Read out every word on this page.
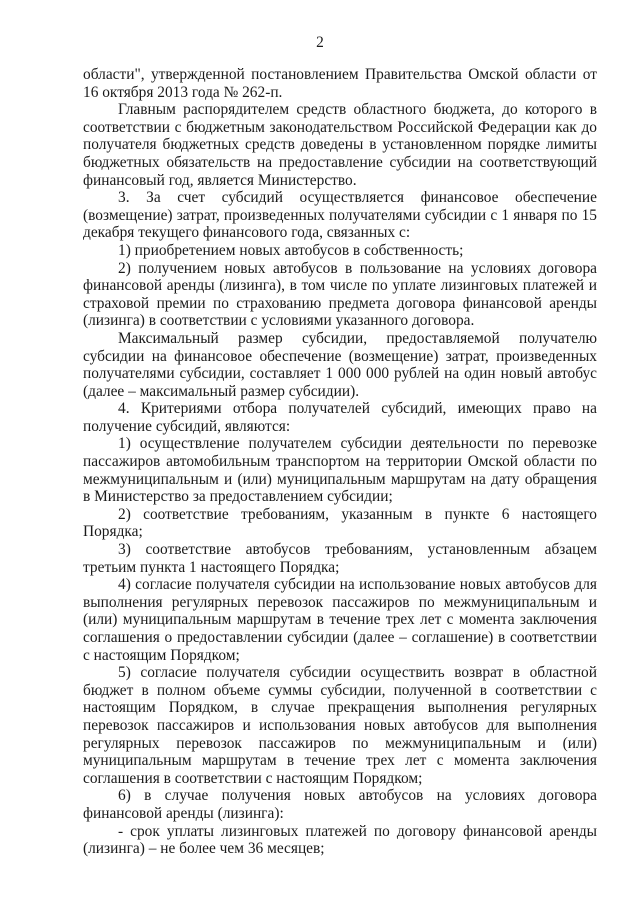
2

области", утвержденной постановлением Правительства Омской области от 16 октября 2013 года № 262-п.

Главным распорядителем средств областного бюджета, до которого в соответствии с бюджетным законодательством Российской Федерации как до получателя бюджетных средств доведены в установленном порядке лимиты бюджетных обязательств на предоставление субсидии на соответствующий финансовый год, является Министерство.

3. За счет субсидий осуществляется финансовое обеспечение (возмещение) затрат, произведенных получателями субсидии с 1 января по 15 декабря текущего финансового года, связанных с:

1) приобретением новых автобусов в собственность;

2) получением новых автобусов в пользование на условиях договора финансовой аренды (лизинга), в том числе по уплате лизинговых платежей и страховой премии по страхованию предмета договора финансовой аренды (лизинга) в соответствии с условиями указанного договора.

Максимальный размер субсидии, предоставляемой получателю субсидии на финансовое обеспечение (возмещение) затрат, произведенных получателями субсидии, составляет 1 000 000 рублей на один новый автобус (далее – максимальный размер субсидии).

4. Критериями отбора получателей субсидий, имеющих право на получение субсидий, являются:

1) осуществление получателем субсидии деятельности по перевозке пассажиров автомобильным транспортом на территории Омской области по межмуниципальным и (или) муниципальным маршрутам на дату обращения в Министерство за предоставлением субсидии;

2) соответствие требованиям, указанным в пункте 6 настоящего Порядка;

3) соответствие автобусов требованиям, установленным абзацем третьим пункта 1 настоящего Порядка;

4) согласие получателя субсидии на использование новых автобусов для выполнения регулярных перевозок пассажиров по межмуниципальным и (или) муниципальным маршрутам в течение трех лет с момента заключения соглашения о предоставлении субсидии (далее – соглашение) в соответствии с настоящим Порядком;

5) согласие получателя субсидии осуществить возврат в областной бюджет в полном объеме суммы субсидии, полученной в соответствии с настоящим Порядком, в случае прекращения выполнения регулярных перевозок пассажиров и использования новых автобусов для выполнения регулярных перевозок пассажиров по межмуниципальным и (или) муниципальным маршрутам в течение трех лет с момента заключения соглашения в соответствии с настоящим Порядком;

6) в случае получения новых автобусов на условиях договора финансовой аренды (лизинга):

- срок уплаты лизинговых платежей по договору финансовой аренды (лизинга) – не более чем 36 месяцев;
